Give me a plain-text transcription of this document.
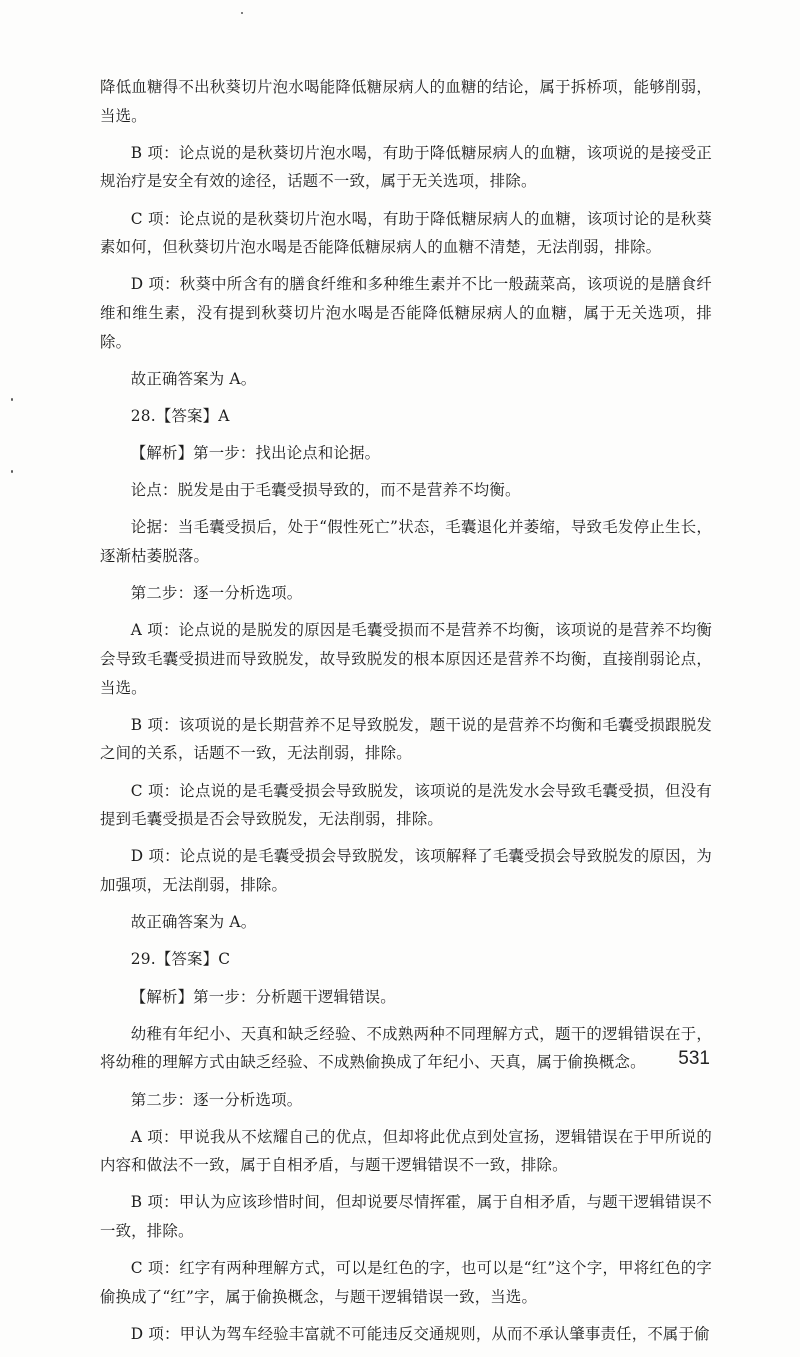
降低血糖得不出秋葵切片泡水喝能降低糖尿病人的血糖的结论，属于拆桥项，能够削弱，当选。

B 项：论点说的是秋葵切片泡水喝，有助于降低糖尿病人的血糖，该项说的是接受正规治疗是安全有效的途径，话题不一致，属于无关选项，排除。

C 项：论点说的是秋葵切片泡水喝，有助于降低糖尿病人的血糖，该项讨论的是秋葵素如何，但秋葵切片泡水喝是否能降低糖尿病人的血糖不清楚，无法削弱，排除。

D 项：秋葵中所含有的膳食纤维和多种维生素并不比一般蔬菜高，该项说的是膳食纤维和维生素，没有提到秋葵切片泡水喝是否能降低糖尿病人的血糖，属于无关选项，排除。

故正确答案为 A。

28.【答案】A

【解析】第一步：找出论点和论据。

论点：脱发是由于毛囊受损导致的，而不是营养不均衡。

论据：当毛囊受损后，处于“假性死亡”状态，毛囊退化并萎缩，导致毛发停止生长，逐渐枯萎脱落。

第二步：逐一分析选项。

A 项：论点说的是脱发的原因是毛囊受损而不是营养不均衡，该项说的是营养不均衡会导致毛囊受损进而导致脱发，故导致脱发的根本原因还是营养不均衡，直接削弱论点，当选。

B 项：该项说的是长期营养不足导致脱发，题干说的是营养不均衡和毛囊受损跟脱发之间的关系，话题不一致，无法削弱，排除。

C 项：论点说的是毛囊受损会导致脱发，该项说的是洗发水会导致毛囊受损，但没有提到毛囊受损是否会导致脱发，无法削弱，排除。

D 项：论点说的是毛囊受损会导致脱发，该项解释了毛囊受损会导致脱发的原因，为加强项，无法削弱，排除。

故正确答案为 A。

29.【答案】C

【解析】第一步：分析题干逻辑错误。

幼稚有年纪小、天真和缺乏经验、不成熟两种不同理解方式，题干的逻辑错误在于，将幼稚的理解方式由缺乏经验、不成熟偷换成了年纪小、天真，属于偷换概念。

第二步：逐一分析选项。

A 项：甲说我从不炫耀自己的优点，但却将此优点到处宣扬，逻辑错误在于甲所说的内容和做法不一致，属于自相矛盾，与题干逻辑错误不一致，排除。

B 项：甲认为应该珍惜时间，但却说要尽情挥霍，属于自相矛盾，与题干逻辑错误不一致，排除。

C 项：红字有两种理解方式，可以是红色的字，也可以是“红”这个字，甲将红色的字偷换成了“红”字，属于偷换概念，与题干逻辑错误一致，当选。

D 项：甲认为驾车经验丰富就不可能违反交通规则，从而不承认肇事责任，不属于偷

531
